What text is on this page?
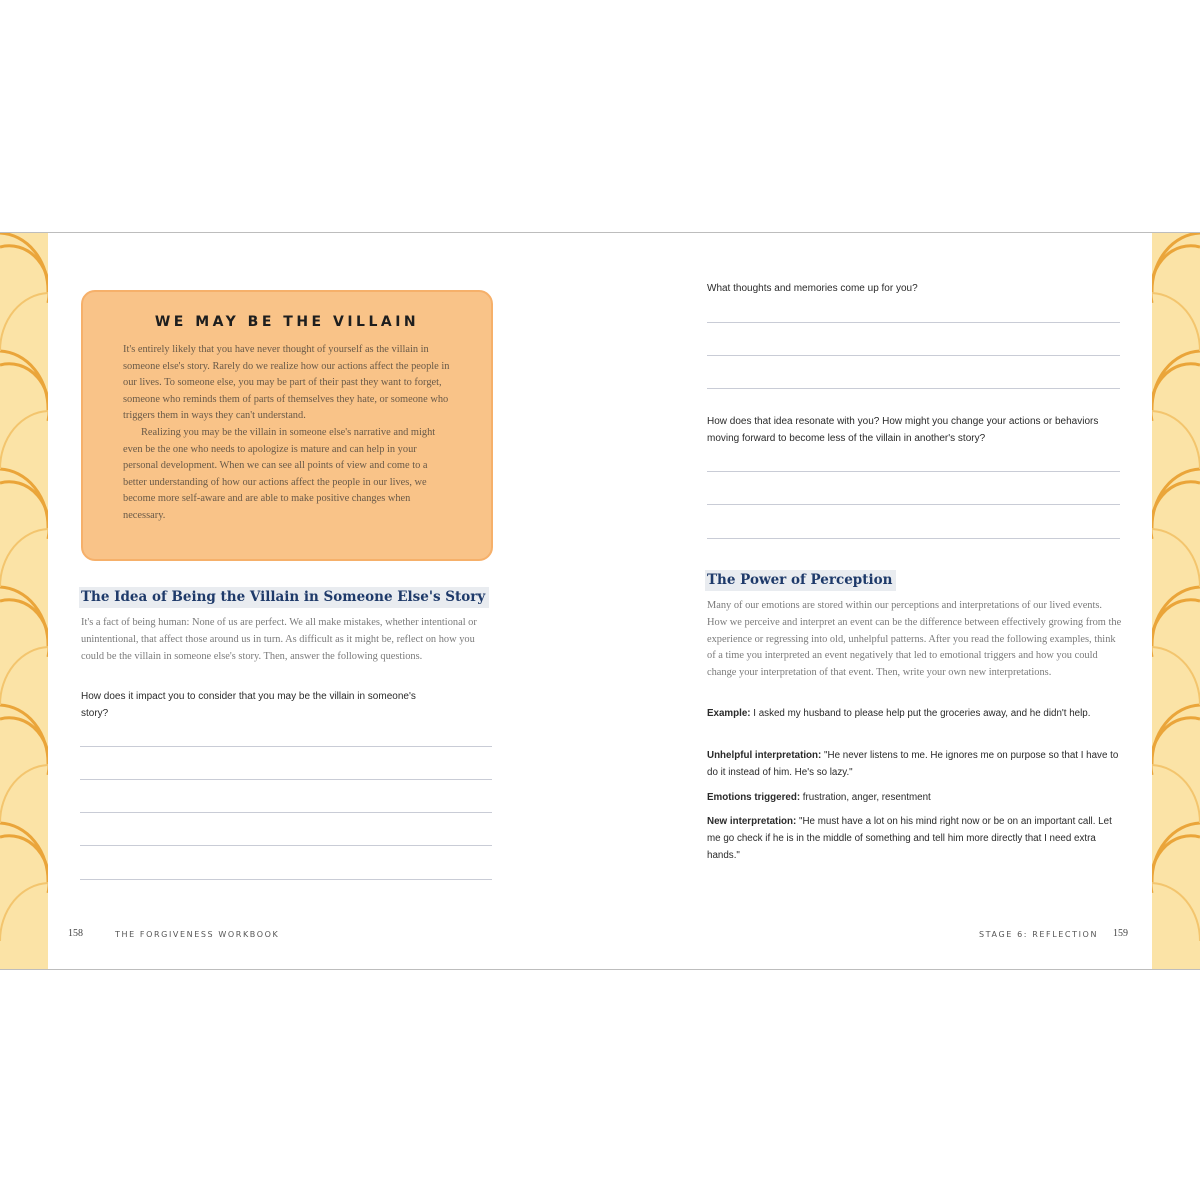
WE MAY BE THE VILLAIN

It's entirely likely that you have never thought of yourself as the villain in someone else's story. Rarely do we realize how our actions affect the people in our lives. To someone else, you may be part of their past they want to forget, someone who reminds them of parts of themselves they hate, or someone who triggers them in ways they can't understand.

Realizing you may be the villain in someone else's narrative and might even be the one who needs to apologize is mature and can help in your personal development. When we can see all points of view and come to a better understanding of how our actions affect the people in our lives, we become more self-aware and are able to make positive changes when necessary.

The Idea of Being the Villain in Someone Else's Story
It's a fact of being human: None of us are perfect. We all make mistakes, whether intentional or unintentional, that affect those around us in turn. As difficult as it might be, reflect on how you could be the villain in someone else's story. Then, answer the following questions.
How does it impact you to consider that you may be the villain in someone's story?
158	THE FORGIVENESS WORKBOOK
What thoughts and memories come up for you?
How does that idea resonate with you? How might you change your actions or behaviors moving forward to become less of the villain in another's story?
The Power of Perception
Many of our emotions are stored within our perceptions and interpretations of our lived events. How we perceive and interpret an event can be the difference between effectively growing from the experience or regressing into old, unhelpful patterns. After you read the following examples, think of a time you interpreted an event negatively that led to emotional triggers and how you could change your interpretation of that event. Then, write your own new interpretations.
Example: I asked my husband to please help put the groceries away, and he didn't help.
Unhelpful interpretation: "He never listens to me. He ignores me on purpose so that I have to do it instead of him. He's so lazy."
Emotions triggered: frustration, anger, resentment
New interpretation: "He must have a lot on his mind right now or be on an important call. Let me go check if he is in the middle of something and tell him more directly that I need extra hands."
STAGE 6: REFLECTION 159
